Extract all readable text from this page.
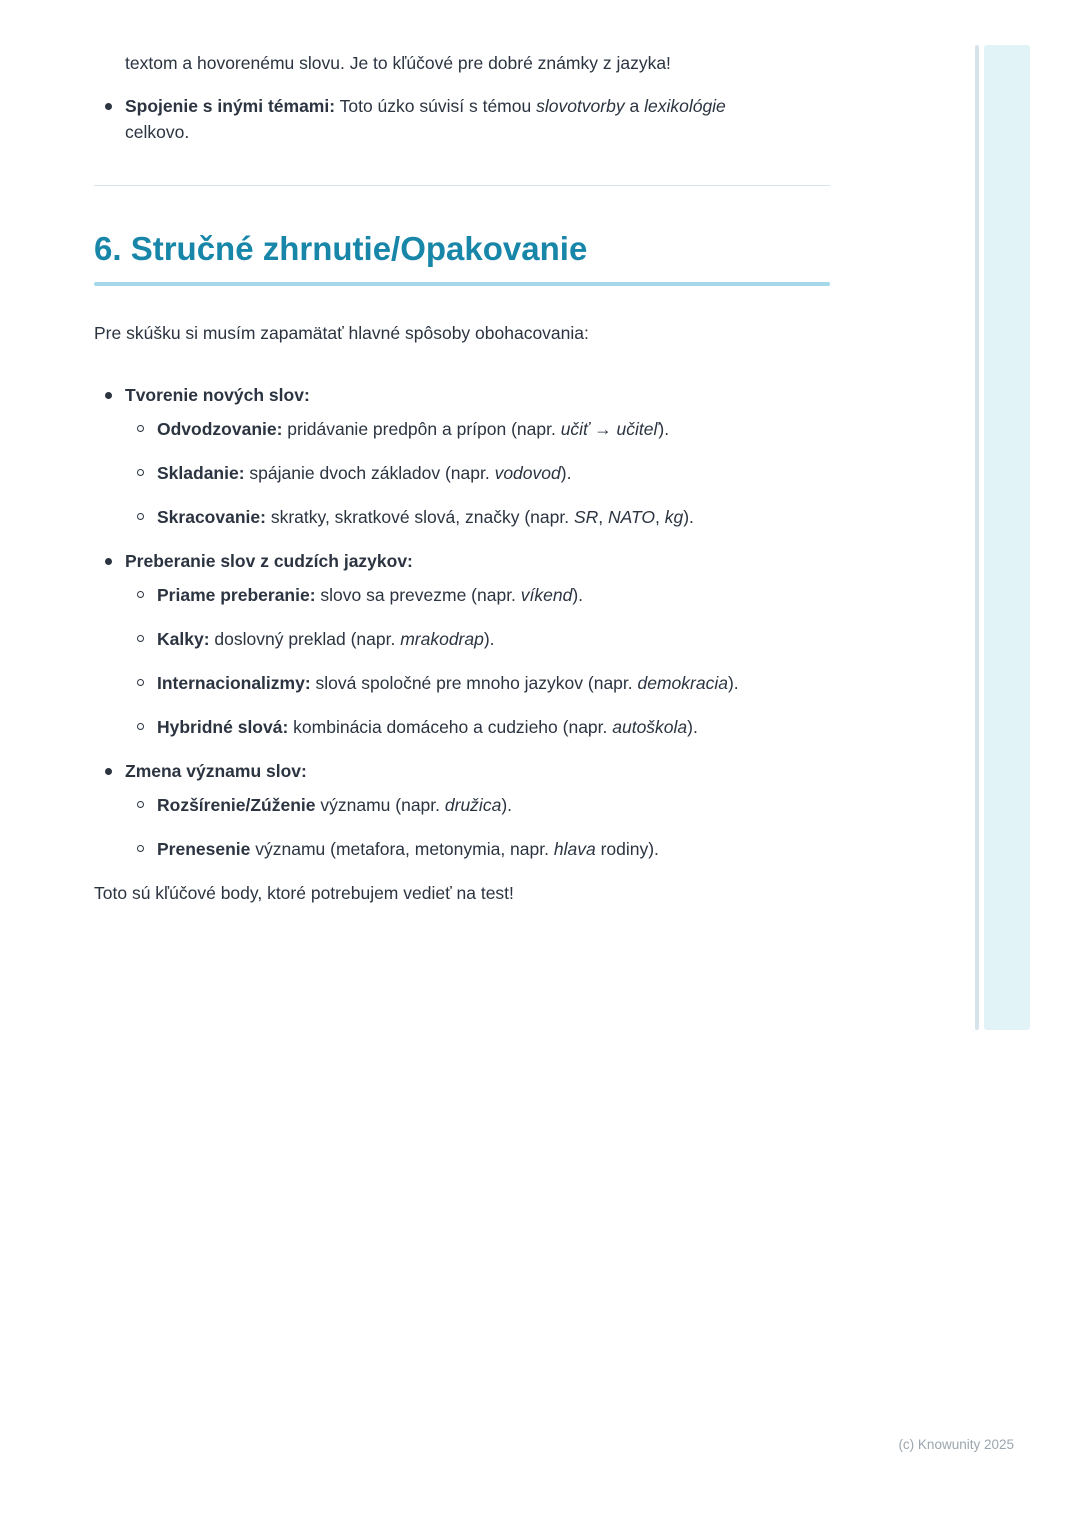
textom a hovorenému slovu. Je to kľúčové pre dobré známky z jazyka!

Spojenie s inými témami: Toto úzko súvisí s témou slovotvorby a lexikológie celkovo.

6. Stručné zhrnutie/Opakovanie

Pre skúšku si musím zapamätať hlavné spôsoby obohacovania:

Tvorenie nových slov:

Odvodzovanie: pridávanie predpôn a prípon (napr. učiť → učiteľ).

Skladanie: spájanie dvoch základov (napr. vodovod).

Skracovanie: skratky, skratkové slová, značky (napr. SR, NATO, kg).

Preberanie slov z cudzích jazykov:

Priame preberanie: slovo sa prevezme (napr. víkend).

Kalky: doslovný preklad (napr. mrakodrap).

Internacionalizmy: slová spoločné pre mnoho jazykov (napr. demokracia).

Hybridné slová: kombinácia domáceho a cudzieho (napr. autoškola).

Zmena významu slov:

Rozšírenie/Zúženie významu (napr. družica).

Prenesenie významu (metafora, metonymia, napr. hlava rodiny).

Toto sú kľúčové body, ktoré potrebujem vedieť na test!

(c) Knowunity 2025
